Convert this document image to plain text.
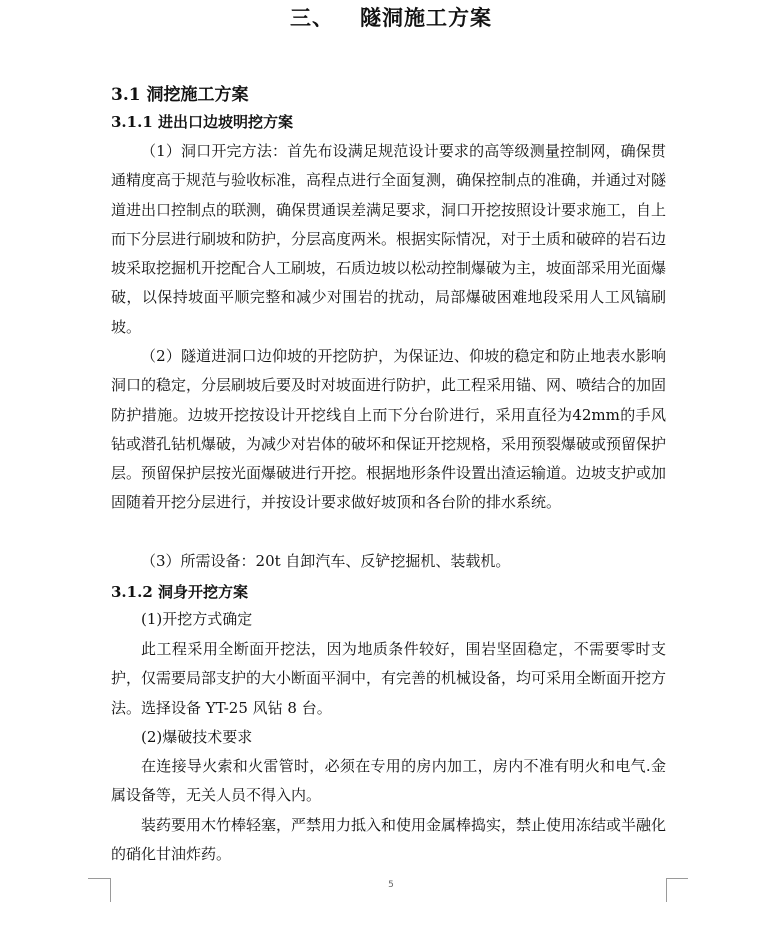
三、 隧洞施工方案
3.1 洞挖施工方案
3.1.1 进出口边坡明挖方案

（1）洞口开完方法：首先布设满足规范设计要求的高等级测量控制网，确保贯通精度高于规范与验收标准，高程点进行全面复测，确保控制点的准确，并通过对隧道进出口控制点的联测，确保贯通误差满足要求，洞口开挖按照设计要求施工，自上而下分层进行刷坡和防护，分层高度两米。根据实际情况，对于土质和破碎的岩石边坡采取挖掘机开挖配合人工刷坡，石质边坡以松动控制爆破为主，坡面部采用光面爆破，以保持坡面平顺完整和减少对围岩的扰动，局部爆破困难地段采用人工风镐刷坡。

（2）隧道进洞口边仰坡的开挖防护，为保证边、仰坡的稳定和防止地表水影响洞口的稳定，分层刷坡后要及时对坡面进行防护，此工程采用锚、网、喷结合的加固防护措施。边坡开挖按设计开挖线自上而下分台阶进行，采用直径为42mm的手风钻或潜孔钻机爆破，为减少对岩体的破坏和保证开挖规格，采用预裂爆破或预留保护层。预留保护层按光面爆破进行开挖。根据地形条件设置出渣运输道。边坡支护或加固随着开挖分层进行，并按设计要求做好坡顶和各台阶的排水系统。

（3）所需设备：20t 自卸汽车、反铲挖掘机、装载机。

3.1.2 洞身开挖方案
(1)开挖方式确定

此工程采用全断面开挖法，因为地质条件较好，围岩坚固稳定，不需要零时支护，仅需要局部支护的大小断面平洞中，有完善的机械设备，均可采用全断面开挖方法。选择设备 YT-25 风钻 8 台。

(2)爆破技术要求

在连接导火索和火雷管时，必须在专用的房内加工，房内不准有明火和电气.金属设备等，无关人员不得入内。

装药要用木竹棒轻塞，严禁用力抵入和使用金属棒捣实，禁止使用冻结或半融化的硝化甘油炸药。

5
